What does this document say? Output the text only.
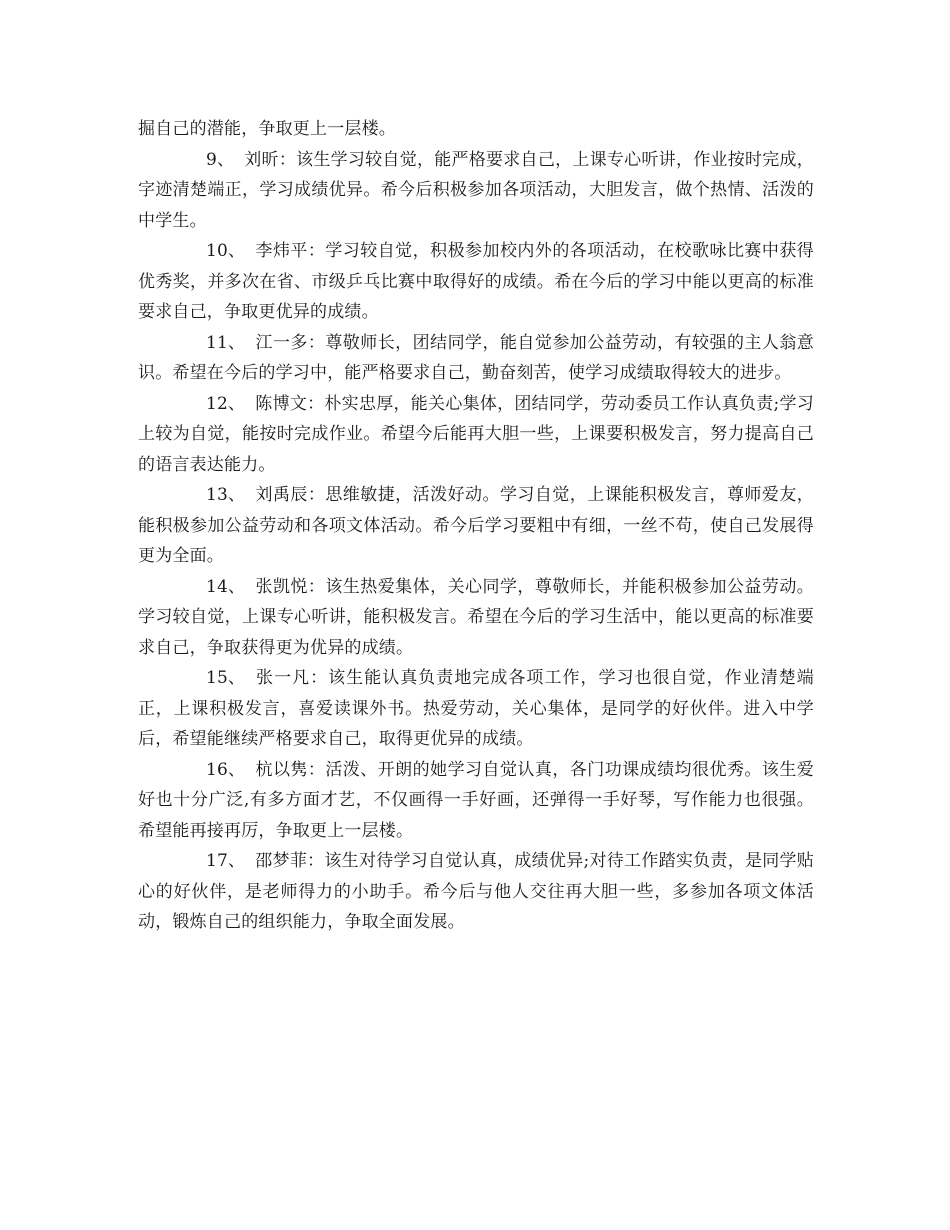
掘自己的潜能，争取更上一层楼。

9、 刘昕：该生学习较自觉，能严格要求自己，上课专心听讲，作业按时完成，字迹清楚端正，学习成绩优异。希今后积极参加各项活动，大胆发言，做个热情、活泼的中学生。

10、 李炜平：学习较自觉，积极参加校内外的各项活动，在校歌咏比赛中获得优秀奖，并多次在省、市级乒乓比赛中取得好的成绩。希在今后的学习中能以更高的标准要求自己，争取更优异的成绩。

11、 江一多：尊敬师长，团结同学，能自觉参加公益劳动，有较强的主人翁意识。希望在今后的学习中，能严格要求自己，勤奋刻苦，使学习成绩取得较大的进步。

12、 陈博文：朴实忠厚，能关心集体，团结同学，劳动委员工作认真负责;学习上较为自觉，能按时完成作业。希望今后能再大胆一些，上课要积极发言，努力提高自己的语言表达能力。

13、 刘禹辰：思维敏捷，活泼好动。学习自觉，上课能积极发言，尊师爱友，能积极参加公益劳动和各项文体活动。希今后学习要粗中有细，一丝不苟，使自己发展得更为全面。

14、 张凯悦：该生热爱集体，关心同学，尊敬师长，并能积极参加公益劳动。学习较自觉，上课专心听讲，能积极发言。希望在今后的学习生活中，能以更高的标准要求自己，争取获得更为优异的成绩。

15、 张一凡：该生能认真负责地完成各项工作，学习也很自觉，作业清楚端正，上课积极发言，喜爱读课外书。热爱劳动，关心集体，是同学的好伙伴。进入中学后，希望能继续严格要求自己，取得更优异的成绩。

16、 杭以隽：活泼、开朗的她学习自觉认真，各门功课成绩均很优秀。该生爱好也十分广泛,有多方面才艺，不仅画得一手好画，还弹得一手好琴，写作能力也很强。希望能再接再厉，争取更上一层楼。

17、 邵梦菲：该生对待学习自觉认真，成绩优异;对待工作踏实负责，是同学贴心的好伙伴，是老师得力的小助手。希今后与他人交往再大胆一些，多参加各项文体活动，锻炼自己的组织能力，争取全面发展。
